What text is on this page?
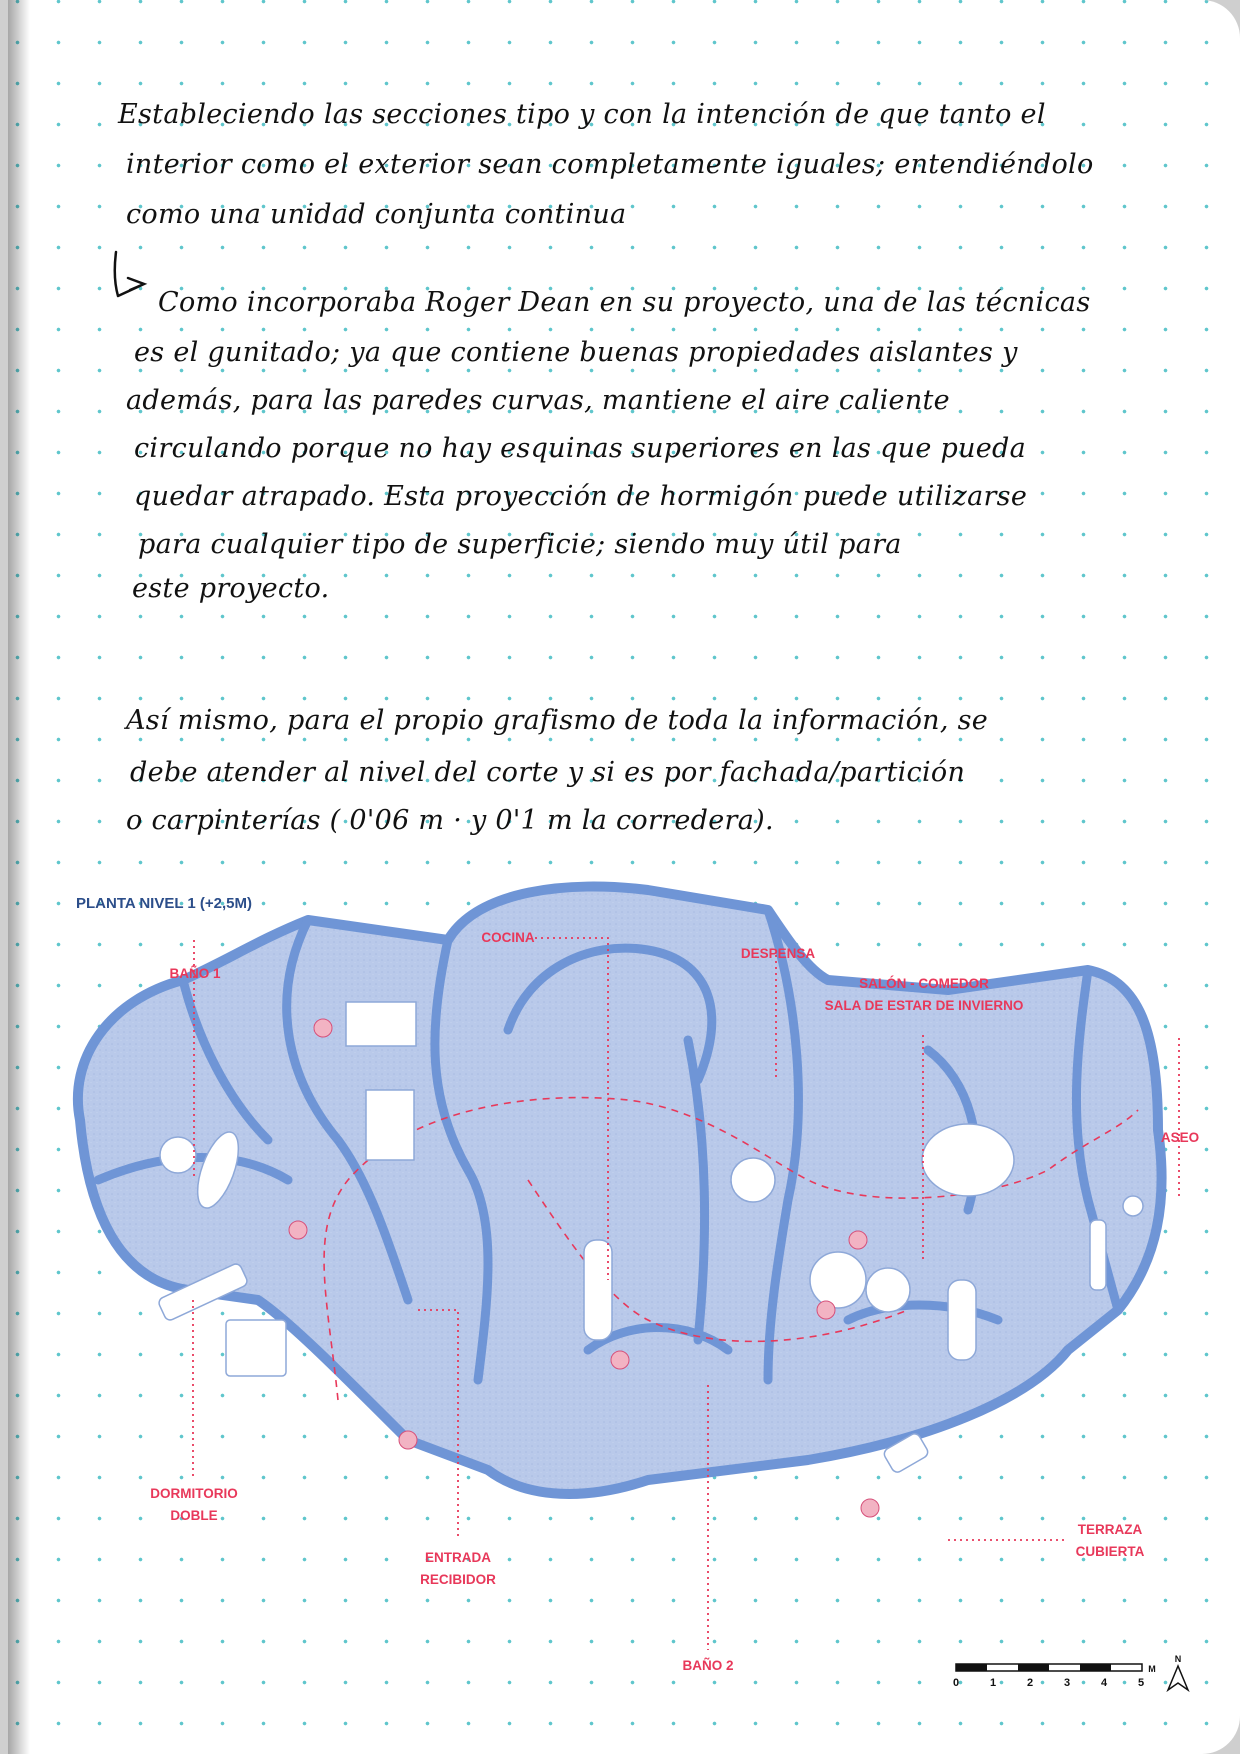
Estableciendo las secciones tipo y con la intención de que tanto el

interior como el exterior sean completamente iguales; entendiéndolo

como una unidad conjunta continua

Como incorporaba Roger Dean en su proyecto, una de las técnicas

es el gunitado; ya que contiene buenas propiedades aislantes y

además, para las paredes curvas, mantiene el aire caliente

circulando porque no hay esquinas superiores en las que pueda

quedar atrapado. Esta proyección de hormigón puede utilizarse

para cualquier tipo de superficie; siendo muy útil para

este proyecto.

Así mismo, para el propio grafismo de toda la información, se

debe atender al nivel del corte y si es por fachada/partición

o carpinterías ( 0'06 m · y 0'1 m la corredera).

PLANTA NIVEL 1 (+2,5M)
COCINA
DESPENSA
BAÑO 1
SALÓN - COMEDOR
SALA DE ESTAR DE INVIERNO
ASEO
DORMITORIO
DOBLE
ENTRADA
RECIBIDOR
TERRAZA
CUBIERTA
BAÑO 2
0	1	2	3	4	5
M
N
